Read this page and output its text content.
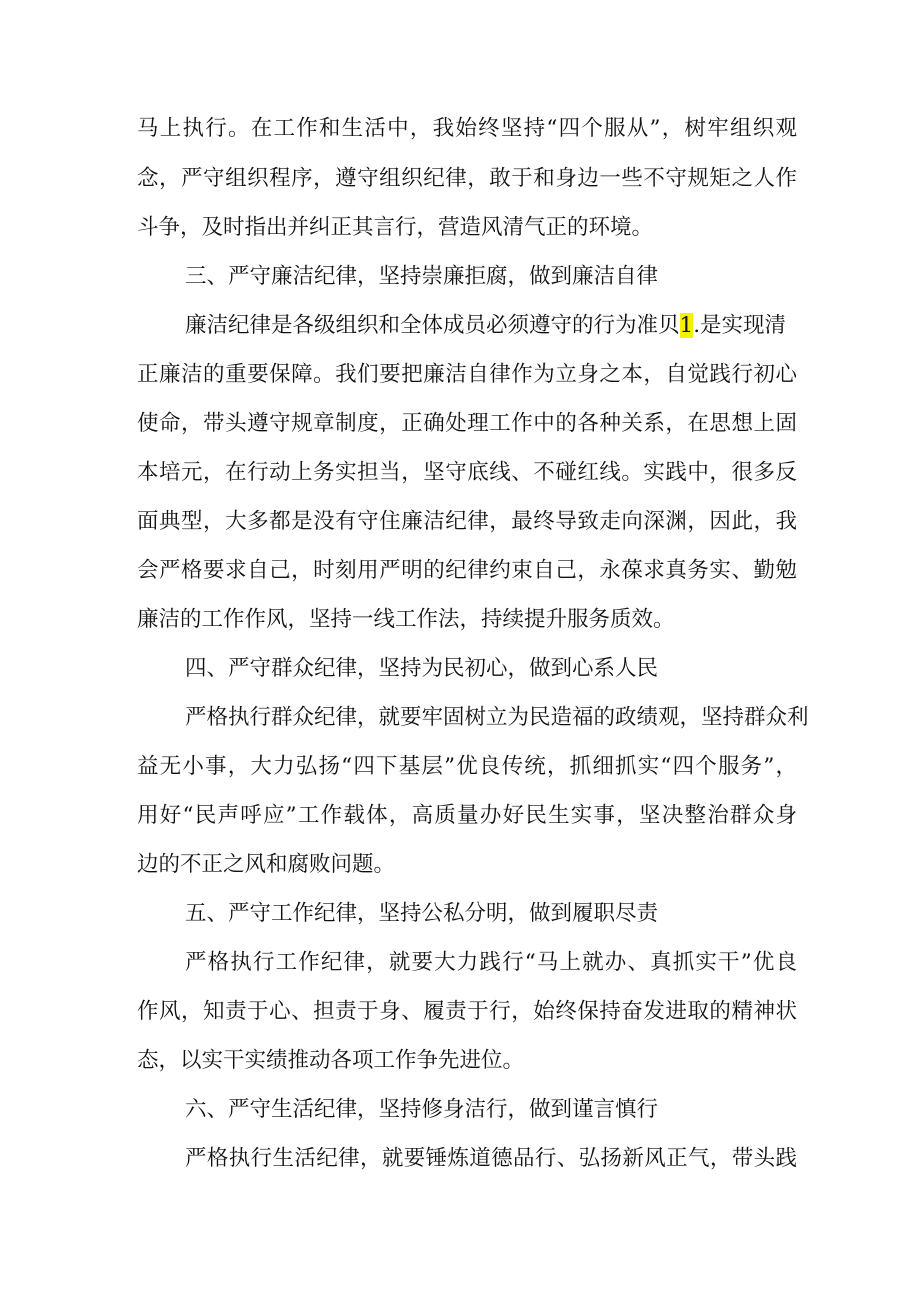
马上执行。在工作和生活中，我始终坚持“四个服从”，树牢组织观
念，严守组织程序，遵守组织纪律，敢于和身边一些不守规矩之人作
斗争，及时指出并纠正其言行，营造风清气正的环境。
三、严守廉洁纪律，坚持崇廉拒腐，做到廉洁自律
廉洁纪律是各级组织和全体成员必须遵守的行为准贝1.是实现清
正廉洁的重要保障。我们要把廉洁自律作为立身之本，自觉践行初心
使命，带头遵守规章制度，正确处理工作中的各种关系，在思想上固
本培元，在行动上务实担当，坚守底线、不碰红线。实践中，很多反
面典型，大多都是没有守住廉洁纪律，最终导致走向深渊，因此，我
会严格要求自己，时刻用严明的纪律约束自己，永葆求真务实、勤勉
廉洁的工作作风，坚持一线工作法，持续提升服务质效。
四、严守群众纪律，坚持为民初心，做到心系人民
严格执行群众纪律，就要牢固树立为民造福的政绩观，坚持群众利
益无小事，大力弘扬“四下基层”优良传统，抓细抓实“四个服务”，
用好“民声呼应”工作载体，高质量办好民生实事，坚决整治群众身
边的不正之风和腐败问题。
五、严守工作纪律，坚持公私分明，做到履职尽责
严格执行工作纪律，就要大力践行“马上就办、真抓实干”优良
作风，知责于心、担责于身、履责于行，始终保持奋发进取的精神状
态，以实干实绩推动各项工作争先进位。
六、严守生活纪律，坚持修身洁行，做到谨言慎行
严格执行生活纪律，就要锤炼道德品行、弘扬新风正气，带头践
